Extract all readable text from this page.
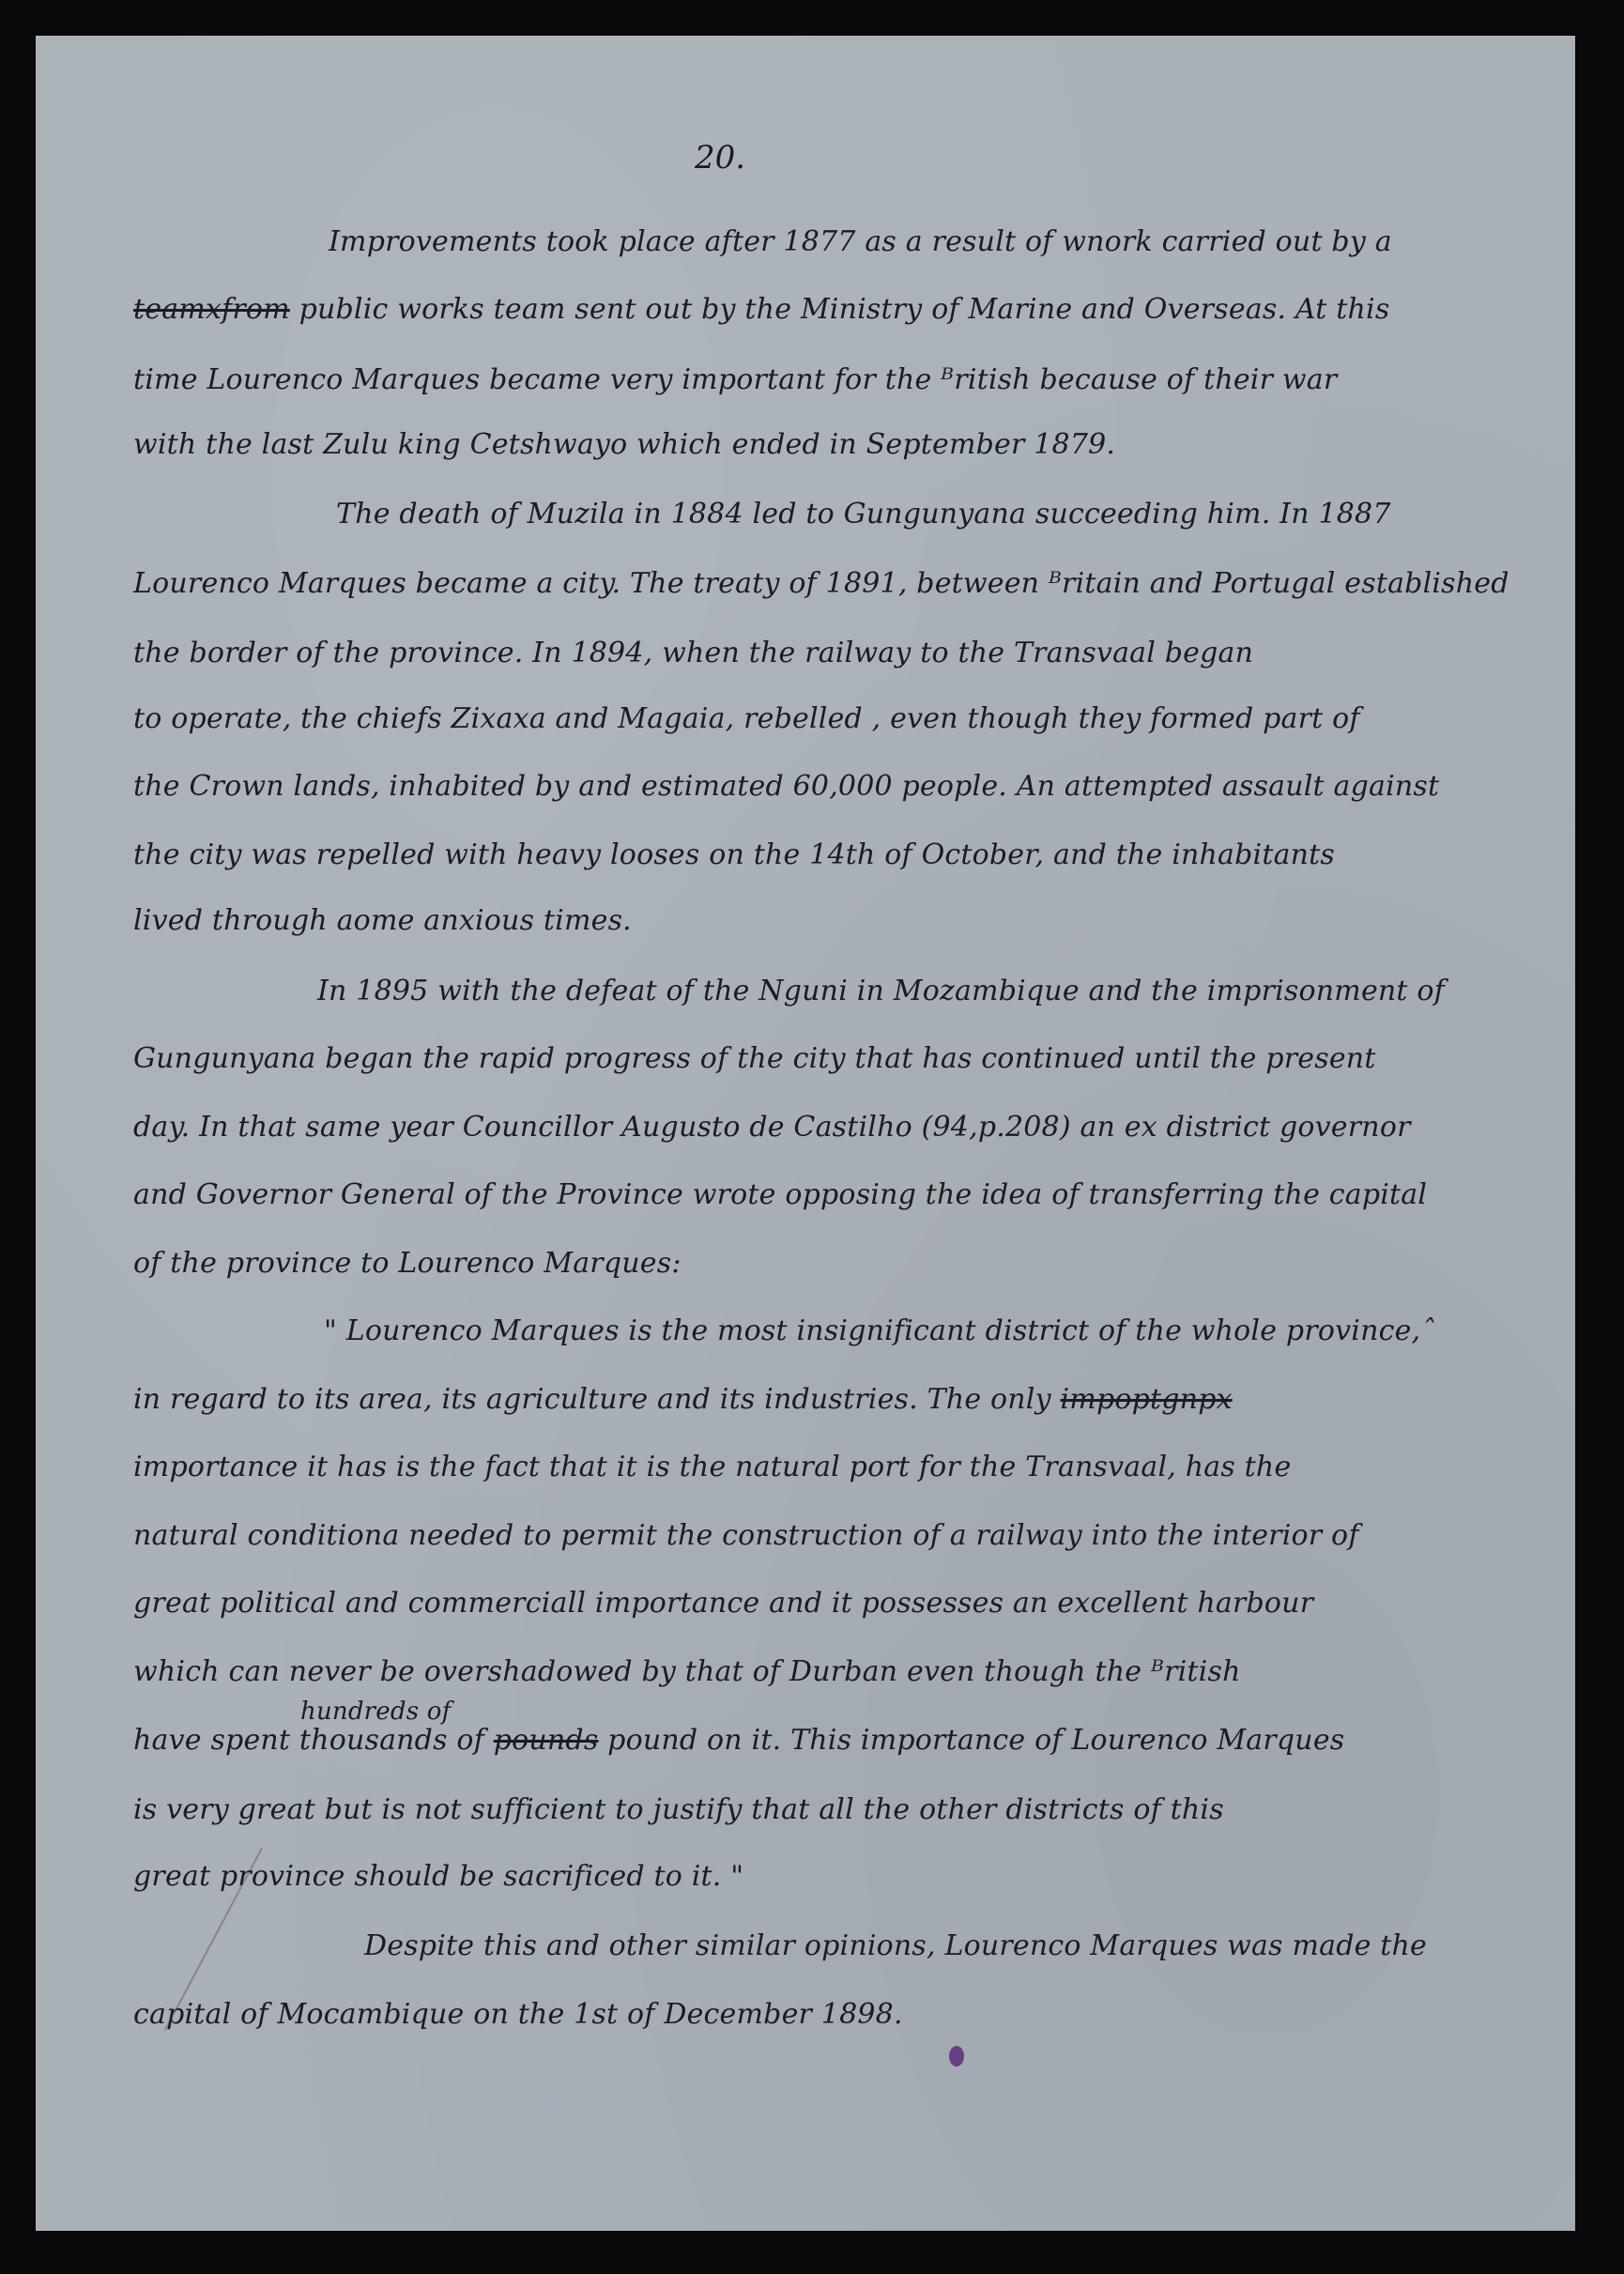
20.
Improvements took place after 1877 as a result of wnork carried out by a
teamxfrom public works team sent out by the Ministry of Marine and Overseas. At this
time Lourenco Marques became very important for the ᴮritish because of their war
with the last Zulu king Cetshwayo which ended in September 1879.
The death of Muzila in 1884 led to Gungunyana succeeding him. In 1887
Lourenco Marques became a city. The treaty of 1891, between ᴮritain and Portugal established
the border of the province. In 1894, when the railway to the Transvaal began
to operate, the chiefs Zixaxa and Magaia, rebelled , even though they formed part of
the Crown lands, inhabited by and estimated 60,000 people. An attempted assault against
the city was repelled with heavy looses on the 14th of October, and the inhabitants
lived through aome anxious times.
In 1895 with the defeat of the Nguni in Mozambique and the imprisonment of
Gungunyana began the rapid progress of the city that has continued until the present
day. In that same year Councillor Augusto de Castilho (94,p.208) an ex district governor
and Governor General of the Province wrote opposing the idea of transferring the capital
of the province to Lourenco Marques:
" Lourenco Marques is the most insignificant district of the whole province,ˆ
in regard to its area, its agriculture and its industries. The only impoptgnpx
importance it has is the fact that it is the natural port for the Transvaal, has the
natural conditiona needed to permit the construction of a railway into the interior of
great political and commerciall importance and it possesses an excellent harbour
which can never be overshadowed by that of Durban even though the ᴮritish
hundreds of
have spent thousands of pounds pound on it. This importance of Lourenco Marques
is very great but is not sufficient to justify that all the other districts of this
great province should be sacrificed to it. "
Despite this and other similar opinions, Lourenco Marques was made the
capital of Mocambique on the 1st of December 1898.
